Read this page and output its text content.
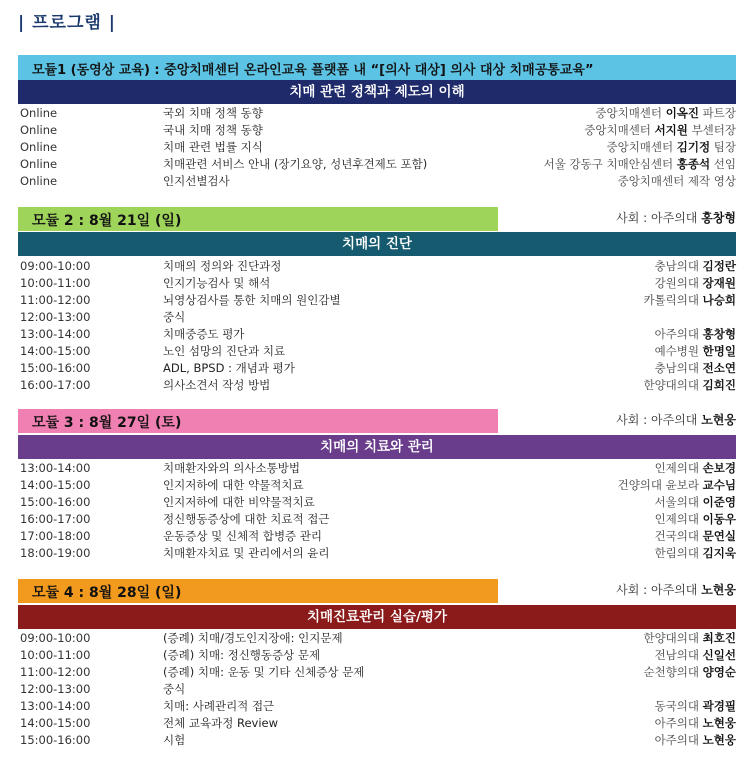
| 프로그램 |
모듈1 (동영상 교육) : 중앙치매센터 온라인교육 플랫폼 내 “[의사 대상] 의사 대상 치매공통교육”
치매 관련 정책과 제도의 이해
Online	국외 치매 정책 동향	중앙치매센터 이옥진 파트장
Online	국내 치매 정책 동향	중앙치매센터 서지원 부센터장
Online	치매 관련 법률 지식	중앙치매센터 김기정 팀장
Online	치매관련 서비스 안내 (장기요양, 성년후견제도 포함)	서울 강동구 치매안심센터 홍종석 선임
Online	인지선별검사	중앙치매센터 제작 영상
모듈 2 : 8월 21일 (일)	사회 : 아주의대 홍창형
치매의 진단
09:00-10:00	치매의 정의와 진단과정	충남의대 김정란
10:00-11:00	인지기능검사 및 해석	강원의대 장재원
11:00-12:00	뇌영상검사를 통한 치매의 원인감별	카톨릭의대 나승희
12:00-13:00	중식
13:00-14:00	치매중증도 평가	아주의대 홍창형
14:00-15:00	노인 섬망의 진단과 치료	예수병원 한명일
15:00-16:00	ADL, BPSD : 개념과 평가	충남의대 전소연
16:00-17:00	의사소견서 작성 방법	한양대의대 김희진
모듈 3 : 8월 27일 (토)	사회 : 아주의대 노현웅
치매의 치료와 관리
13:00-14:00	치매환자와의 의사소통방법	인제의대 손보경
14:00-15:00	인지저하에 대한 약물적치료	건양의대 윤보라 교수님
15:00-16:00	인지저하에 대한 비약물적치료	서울의대 이준영
16:00-17:00	정신행동증상에 대한 치료적 접근	인제의대 이동우
17:00-18:00	운동증상 및 신체적 합병증 관리	건국의대 문연실
18:00-19:00	치매환자치료 및 관리에서의 윤리	한림의대 김지욱
모듈 4 : 8월 28일 (일)	사회 : 아주의대 노현웅
치매진료관리 실습/평가
09:00-10:00	(증례) 치매/경도인지장애: 인지문제	한양대의대 최호진
10:00-11:00	(증례) 치매: 정신행동증상 문제	전남의대 신일선
11:00-12:00	(증례) 치매: 운동 및 기타 신체증상 문제	순천향의대 양영순
12:00-13:00	중식
13:00-14:00	치매: 사례관리적 접근	동국의대 곽경필
14:00-15:00	전체 교육과정 Review	아주의대 노현웅
15:00-16:00	시험	아주의대 노현웅
